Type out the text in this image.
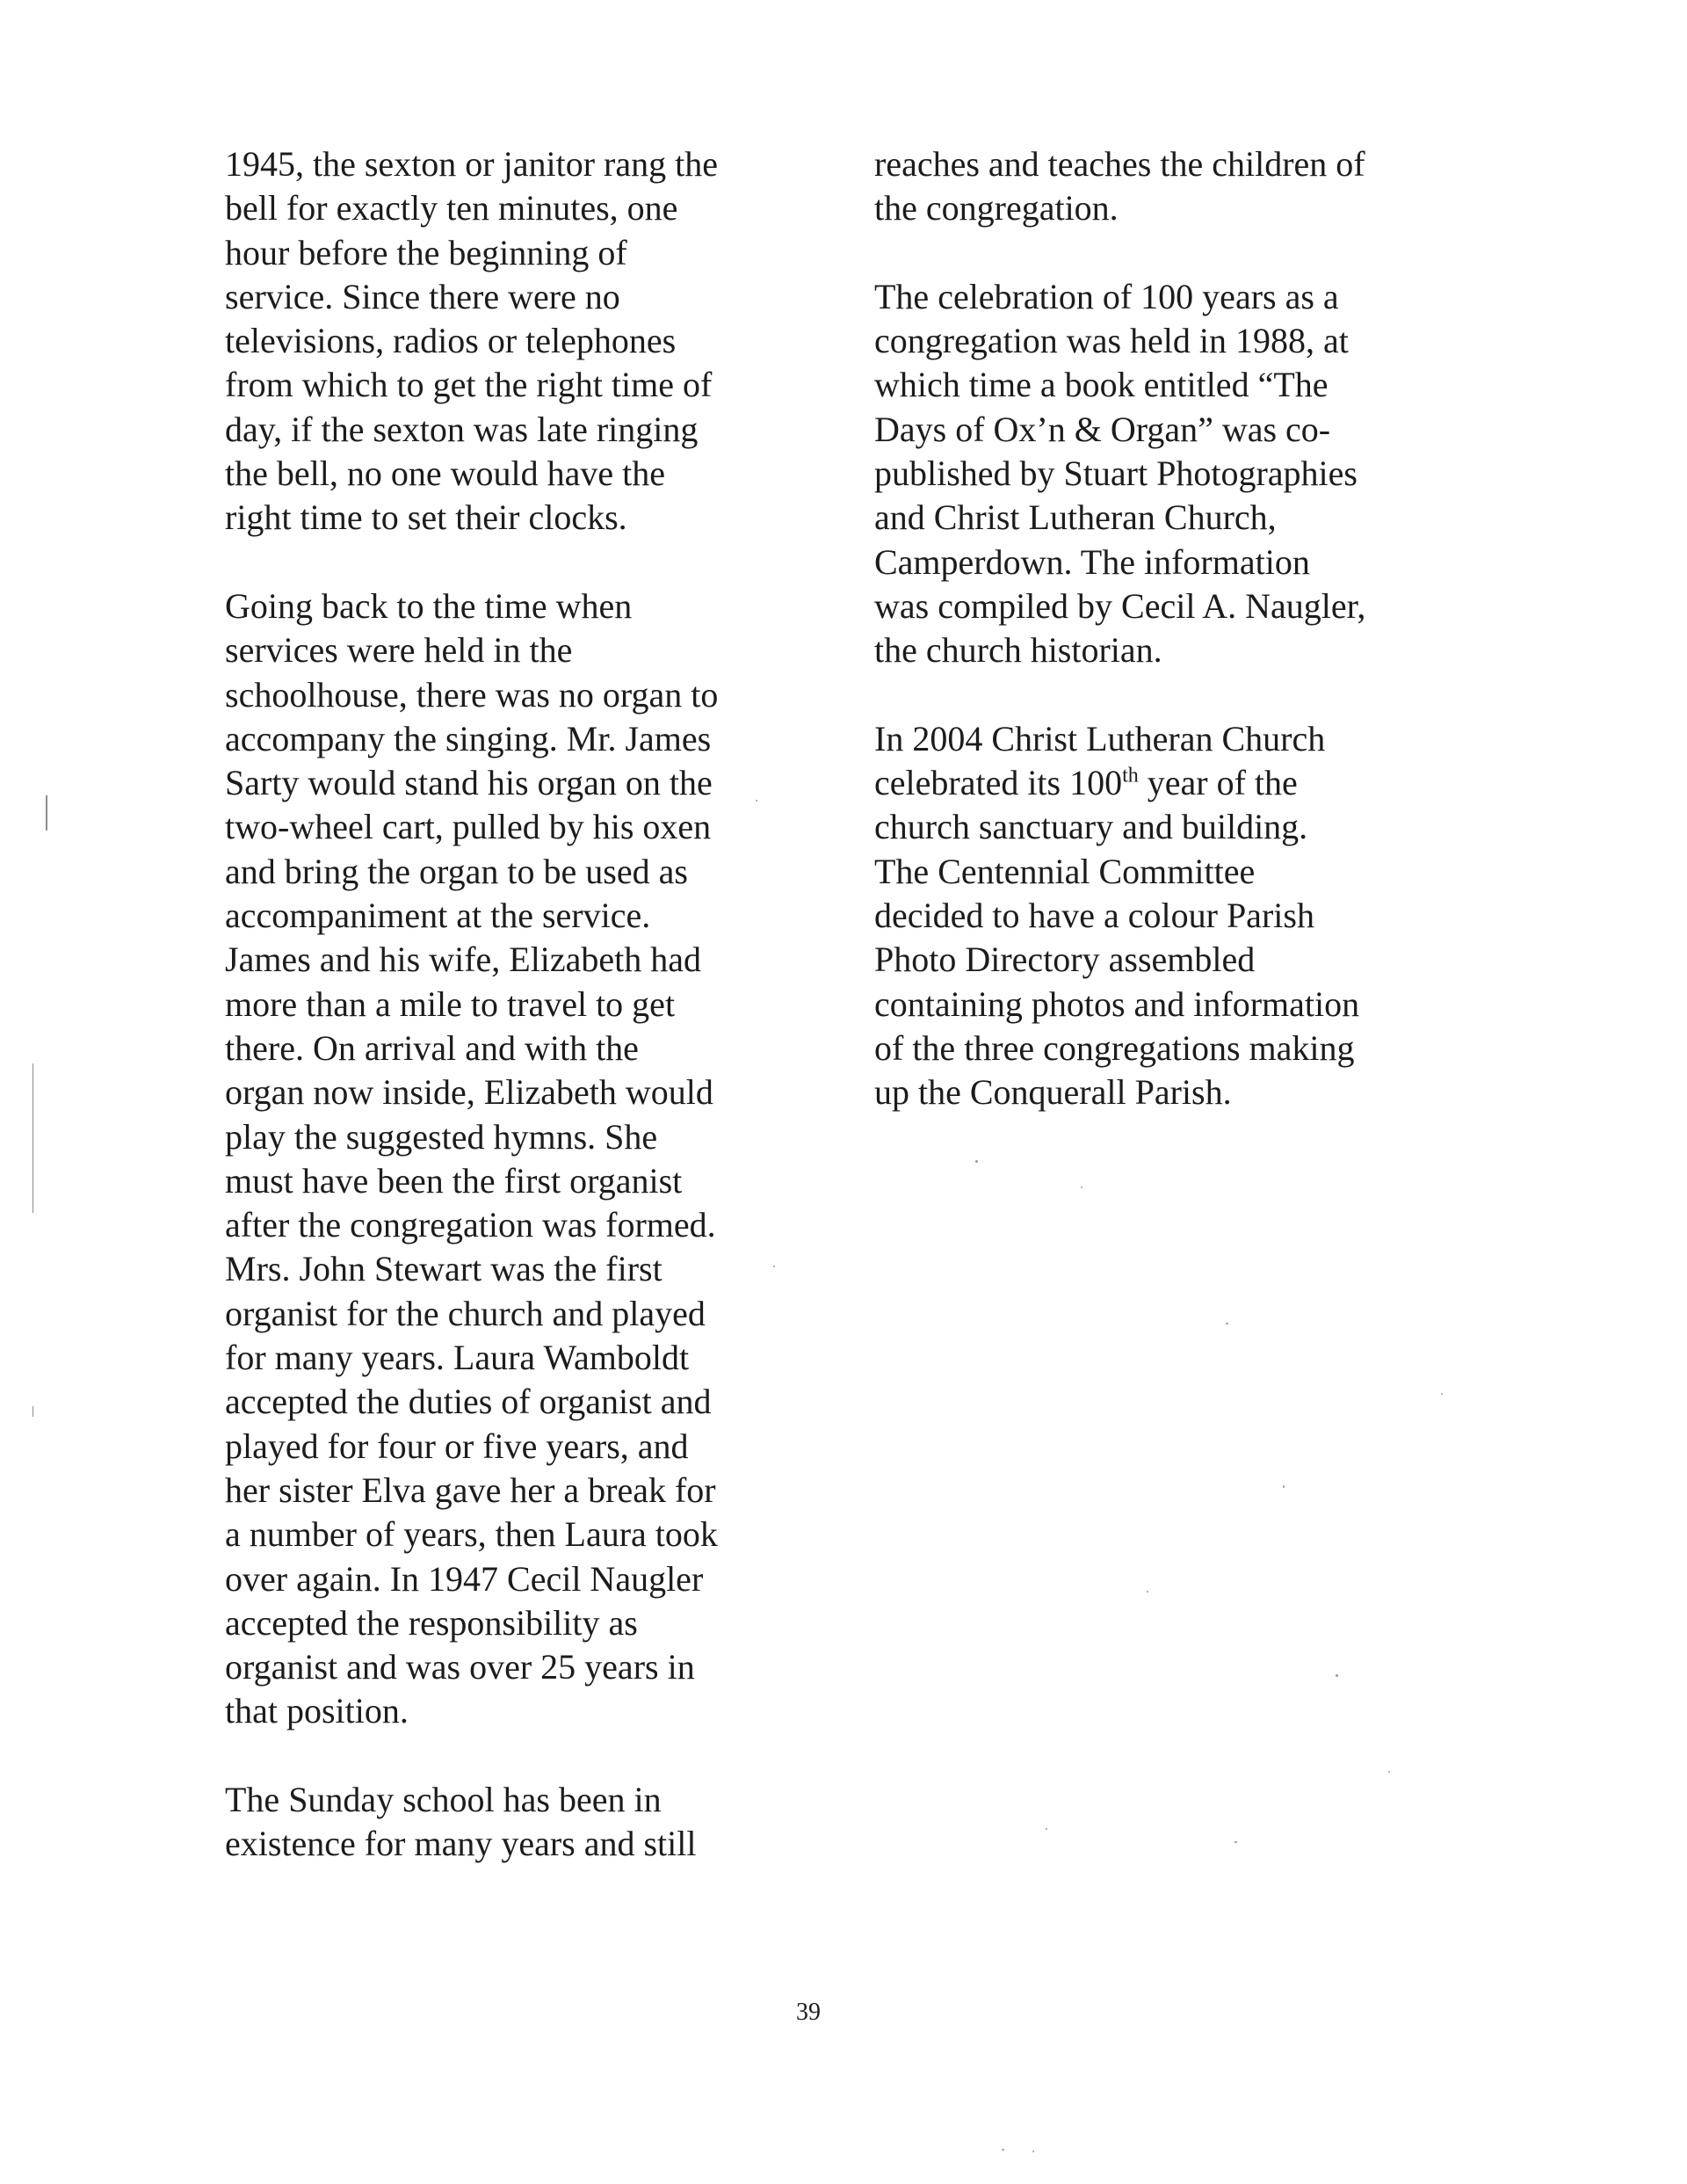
1945, the sexton or janitor rang the
bell for exactly ten minutes, one
hour before the beginning of
service. Since there were no
televisions, radios or telephones
from which to get the right time of
day, if the sexton was late ringing
the bell, no one would have the
right time to set their clocks.
Going back to the time when
services were held in the
schoolhouse, there was no organ to
accompany the singing. Mr. James
Sarty would stand his organ on the
two-wheel cart, pulled by his oxen
and bring the organ to be used as
accompaniment at the service.
James and his wife, Elizabeth had
more than a mile to travel to get
there. On arrival and with the
organ now inside, Elizabeth would
play the suggested hymns. She
must have been the first organist
after the congregation was formed.
Mrs. John Stewart was the first
organist for the church and played
for many years. Laura Wamboldt
accepted the duties of organist and
played for four or five years, and
her sister Elva gave her a break for
a number of years, then Laura took
over again. In 1947 Cecil Naugler
accepted the responsibility as
organist and was over 25 years in
that position.
The Sunday school has been in
existence for many years and still
reaches and teaches the children of
the congregation.
The celebration of 100 years as a
congregation was held in 1988, at
which time a book entitled “The
Days of Ox’n & Organ” was co-
published by Stuart Photographies
and Christ Lutheran Church,
Camperdown. The information
was compiled by Cecil A. Naugler,
the church historian.
In 2004 Christ Lutheran Church
celebrated its 100th year of the
church sanctuary and building.
The Centennial Committee
decided to have a colour Parish
Photo Directory assembled
containing photos and information
of the three congregations making
up the Conquerall Parish.
39
